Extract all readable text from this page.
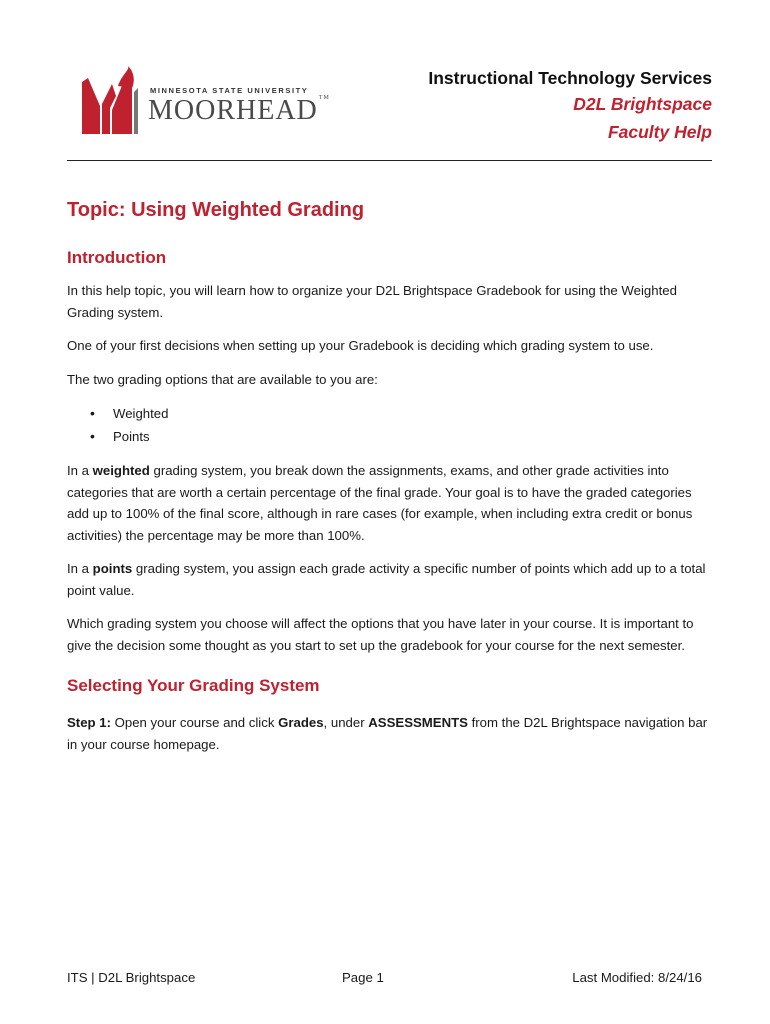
MINNESOTA STATE UNIVERSITY
MOORHEAD™
Instructional Technology Services
D2L Brightspace
Faculty Help
Topic: Using Weighted Grading
Introduction

In this help topic, you will learn how to organize your D2L Brightspace Gradebook for using the Weighted Grading system.

One of your first decisions when setting up your Gradebook is deciding which grading system to use.

The two grading options that are available to you are:

• Weighted
• Points

In a weighted grading system, you break down the assignments, exams, and other grade activities into categories that are worth a certain percentage of the final grade. Your goal is to have the graded categories add up to 100% of the final score, although in rare cases (for example, when including extra credit or bonus activities) the percentage may be more than 100%.

In a points grading system, you assign each grade activity a specific number of points which add up to a total point value.

Which grading system you choose will affect the options that you have later in your course. It is important to give the decision some thought as you start to set up the gradebook for your course for the next semester.

Selecting Your Grading System

Step 1: Open your course and click Grades, under ASSESSMENTS from the D2L Brightspace navigation bar in your course homepage.

ITS | D2L Brightspace	Page 1	Last Modified: 8/24/16
